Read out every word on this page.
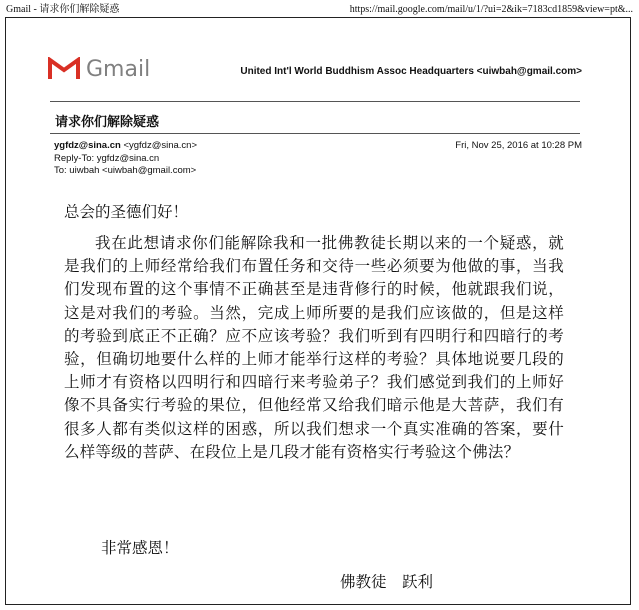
Gmail - 请求你们解除疑惑	https://mail.google.com/mail/u/1/?ui=2&ik=7183cd1859&view=pt&...
Gmail	United Int'l World Buddhism Assoc Headquarters <uiwbah@gmail.com>
请求你们解除疑惑
ygfdz@sina.cn <ygfdz@sina.cn>
Reply-To: ygfdz@sina.cn
To: uiwbah <uiwbah@gmail.com>
Fri, Nov 25, 2016 at 10:28 PM
总会的圣德们好！
我在此想请求你们能解除我和一批佛教徒长期以来的一个疑惑，就是我们的上师经常给我们布置任务和交待一些必须要为他做的事，当我们发现布置的这个事情不正确甚至是违背修行的时候，他就跟我们说，这是对我们的考验。当然，完成上师所要的是我们应该做的，但是这样的考验到底正不正确？应不应该考验？我们听到有四明行和四暗行的考验，但确切地要什么样的上师才能举行这样的考验？具体地说要几段的上师才有资格以四明行和四暗行来考验弟子？我们感觉到我们的上师好像不具备实行考验的果位，但他经常又给我们暗示他是大菩萨，我们有很多人都有类似这样的困惑，所以我们想求一个真实准确的答案，要什么样等级的菩萨、在段位上是几段才能有资格实行考验这个佛法？
非常感恩！
佛教徒　跃利
